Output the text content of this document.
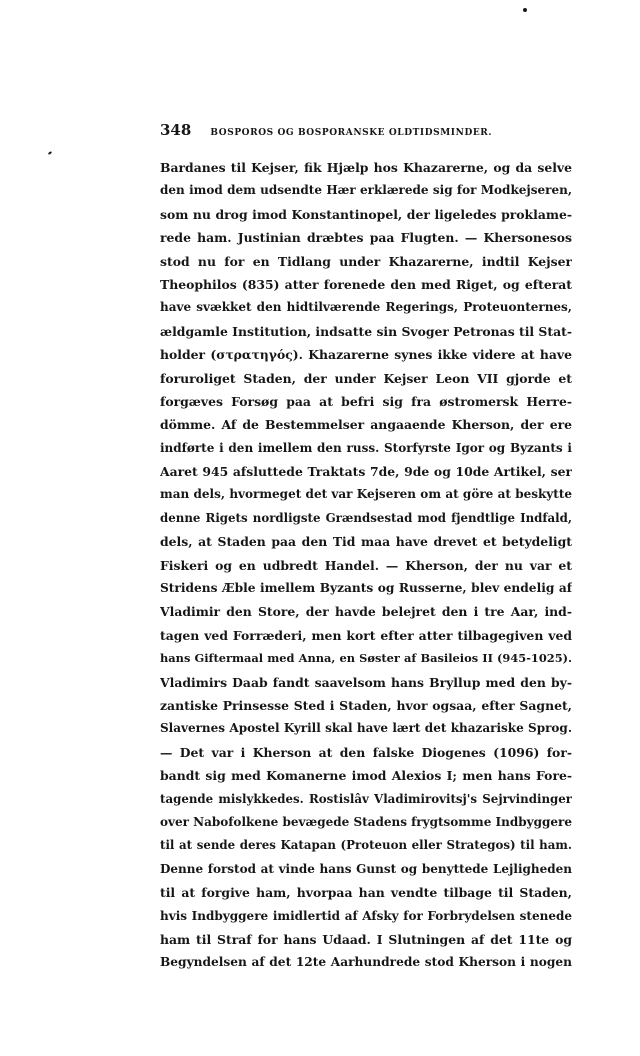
348 BOSPOROS OG BOSPORANSKE OLDTIDSMINDER.
Bardanes til Kejser, fik Hjælp hos Khazarerne, og da selve
den imod dem udsendte Hær erklærede sig for Modkejseren,
som nu drog imod Konstantinopel, der ligeledes proklame-
rede ham. Justinian dræbtes paa Flugten. — Khersonesos
stod nu for en Tidlang under Khazarerne, indtil Kejser
Theophilos (835) atter forenede den med Riget, og efterat
have svækket den hidtilværende Regerings, Proteuonternes,
ældgamle Institution, indsatte sin Svoger Petronas til Stat-
holder (στρατηγός). Khazarerne synes ikke videre at have
foruroliget Staden, der under Kejser Leon VII gjorde et
forgæves Forsøg paa at befri sig fra østromersk Herre-
dömme. Af de Bestemmelser angaaende Kherson, der ere
indførte i den imellem den russ. Storfyrste Igor og Byzants i
Aaret 945 afsluttede Traktats 7de, 9de og 10de Artikel, ser
man dels, hvormeget det var Kejseren om at göre at beskytte
denne Rigets nordligste Grændsestad mod fjendtlige Indfald,
dels, at Staden paa den Tid maa have drevet et betydeligt
Fiskeri og en udbredt Handel. — Kherson, der nu var et
Stridens Æble imellem Byzants og Russerne, blev endelig af
Vladimir den Store, der havde belejret den i tre Aar, ind-
tagen ved Forræderi, men kort efter atter tilbagegiven ved
hans Giftermaal med Anna, en Søster af Basileios II (945-1025).
Vladimirs Daab fandt saavelsom hans Bryllup med den by-
zantiske Prinsesse Sted i Staden, hvor ogsaa, efter Sagnet,
Slavernes Apostel Kyrill skal have lært det khazariske Sprog.
— Det var i Kherson at den falske Diogenes (1096) for-
bandt sig med Komanerne imod Alexios I; men hans Fore-
tagende mislykkedes. Rostislâv Vladimirovitsj's Sejrvindinger
over Nabofolkene bevægede Stadens frygtsomme Indbyggere
til at sende deres Katapan (Proteuon eller Strategos) til ham.
Denne forstod at vinde hans Gunst og benyttede Lejligheden
til at forgive ham, hvorpaa han vendte tilbage til Staden,
hvis Indbyggere imidlertid af Afsky for Forbrydelsen stenede
ham til Straf for hans Udaad. I Slutningen af det 11te og
Begyndelsen af det 12te Aarhundrede stod Kherson i nogen
